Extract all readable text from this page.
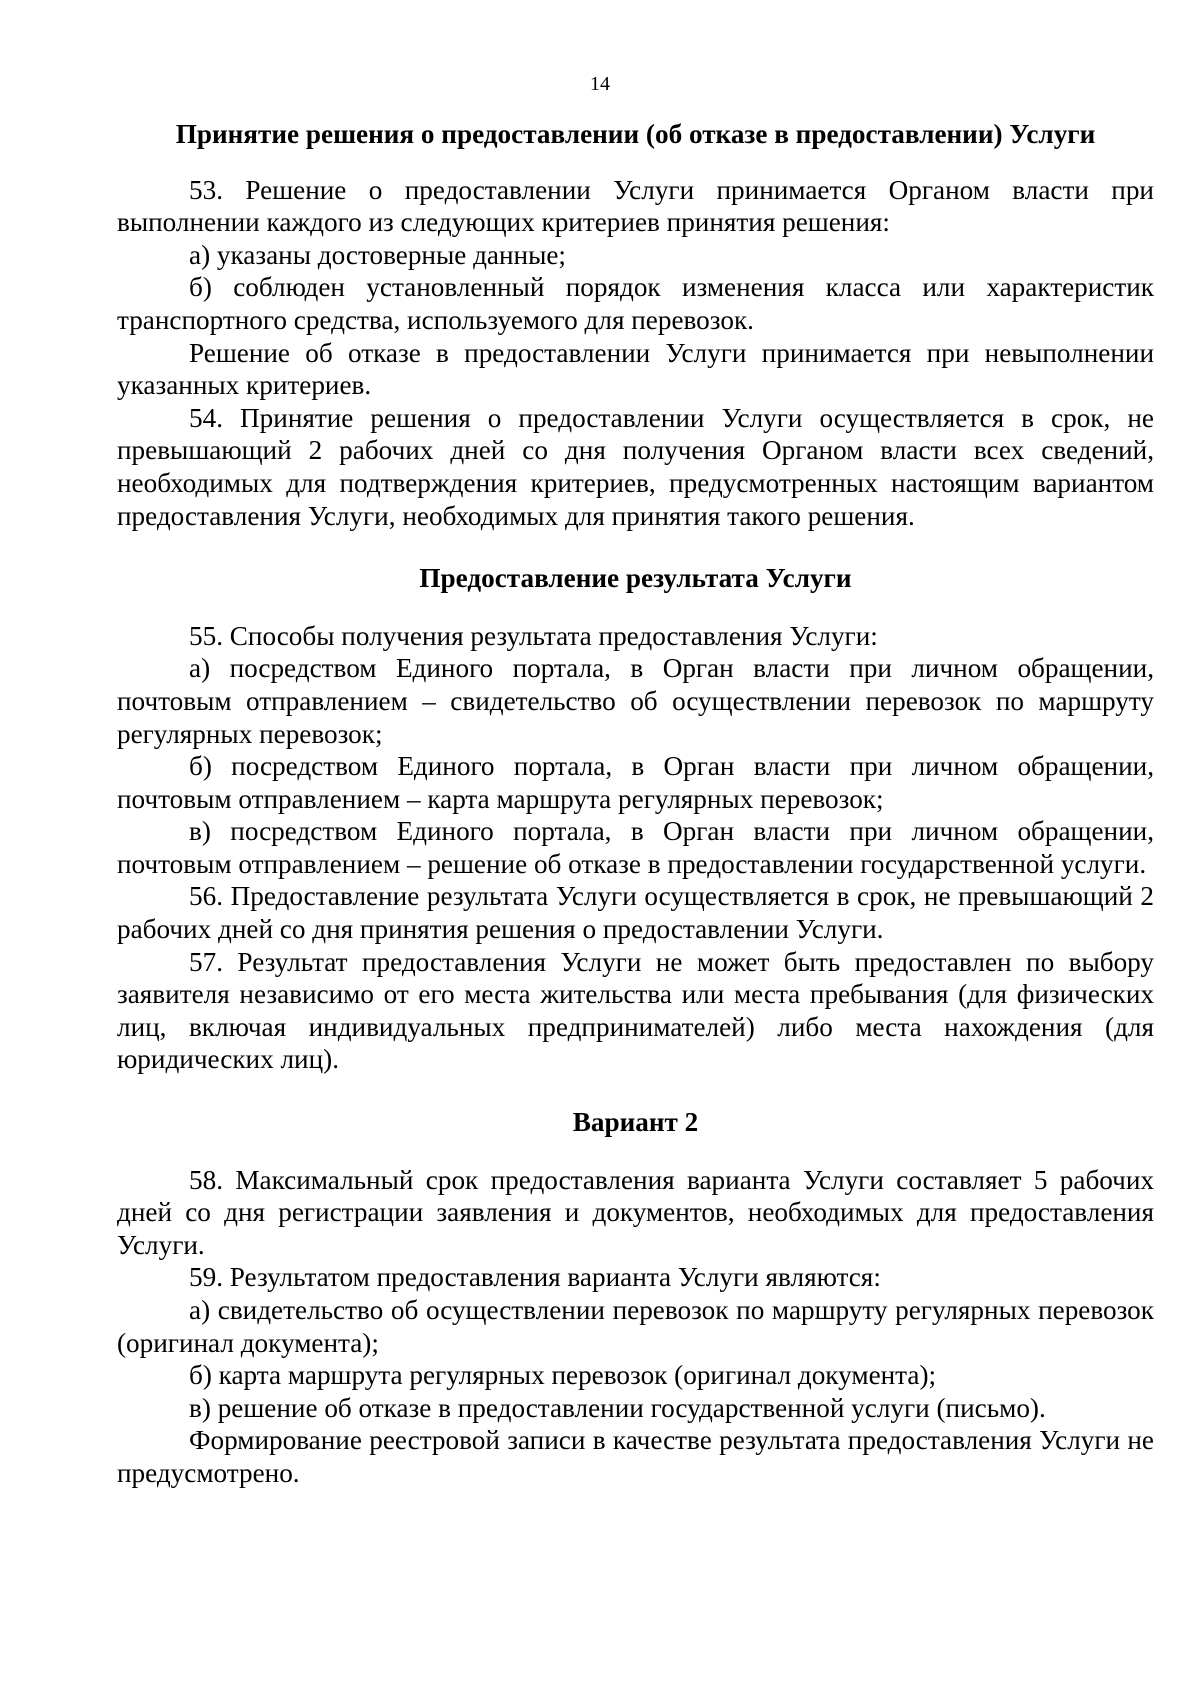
14
Принятие решения о предоставлении (об отказе в предоставлении) Услуги

53. Решение о предоставлении Услуги принимается Органом власти при выполнении каждого из следующих критериев принятия решения:

а) указаны достоверные данные;

б) соблюден установленный порядок изменения класса или характеристик транспортного средства, используемого для перевозок.

Решение об отказе в предоставлении Услуги принимается при невыполнении указанных критериев.

54. Принятие решения о предоставлении Услуги осуществляется в срок, не превышающий 2 рабочих дней со дня получения Органом власти всех сведений, необходимых для подтверждения критериев, предусмотренных настоящим вариантом предоставления Услуги, необходимых для принятия такого решения.

Предоставление результата Услуги

55. Способы получения результата предоставления Услуги:

а) посредством Единого портала, в Орган власти при личном обращении, почтовым отправлением – свидетельство об осуществлении перевозок по маршруту регулярных перевозок;

б) посредством Единого портала, в Орган власти при личном обращении, почтовым отправлением – карта маршрута регулярных перевозок;

в) посредством Единого портала, в Орган власти при личном обращении, почтовым отправлением – решение об отказе в предоставлении государственной услуги.

56. Предоставление результата Услуги осуществляется в срок, не превышающий 2 рабочих дней со дня принятия решения о предоставлении Услуги.

57. Результат предоставления Услуги не может быть предоставлен по выбору заявителя независимо от его места жительства или места пребывания (для физических лиц, включая индивидуальных предпринимателей) либо места нахождения (для юридических лиц).

Вариант 2

58. Максимальный срок предоставления варианта Услуги составляет 5 рабочих дней со дня регистрации заявления и документов, необходимых для предоставления Услуги.

59. Результатом предоставления варианта Услуги являются:

а) свидетельство об осуществлении перевозок по маршруту регулярных перевозок (оригинал документа);

б) карта маршрута регулярных перевозок (оригинал документа);

в) решение об отказе в предоставлении государственной услуги (письмо).

Формирование реестровой записи в качестве результата предоставления Услуги не предусмотрено.
